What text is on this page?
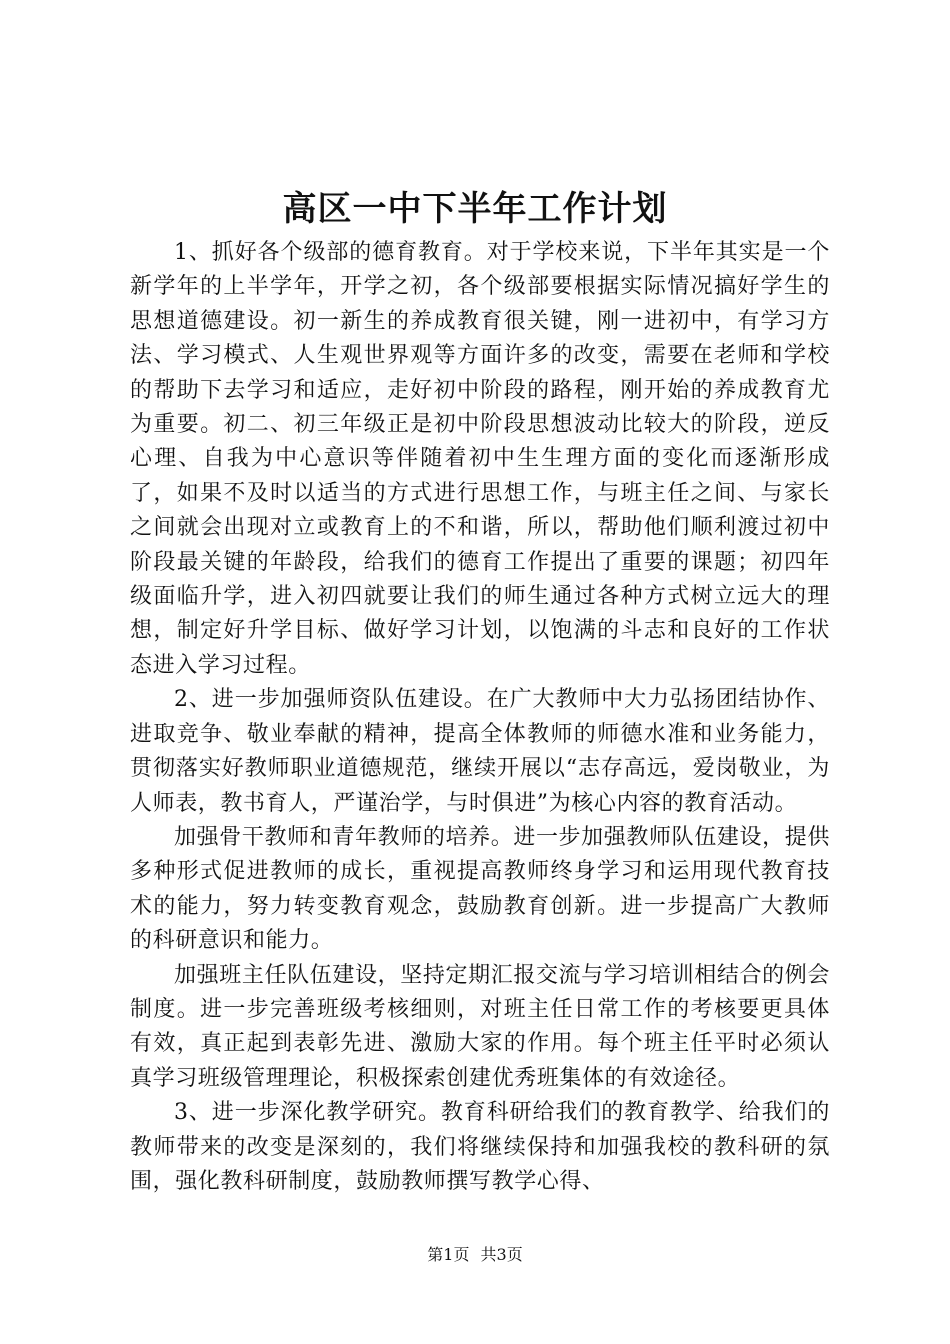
高区一中下半年工作计划

1、抓好各个级部的德育教育。对于学校来说，下半年其实是一个新学年的上半学年，开学之初，各个级部要根据实际情况搞好学生的思想道德建设。初一新生的养成教育很关键，刚一进初中，有学习方法、学习模式、人生观世界观等方面许多的改变，需要在老师和学校的帮助下去学习和适应，走好初中阶段的路程，刚开始的养成教育尤为重要。初二、初三年级正是初中阶段思想波动比较大的阶段，逆反心理、自我为中心意识等伴随着初中生生理方面的变化而逐渐形成了，如果不及时以适当的方式进行思想工作，与班主任之间、与家长之间就会出现对立或教育上的不和谐，所以，帮助他们顺利渡过初中阶段最关键的年龄段，给我们的德育工作提出了重要的课题；初四年级面临升学，进入初四就要让我们的师生通过各种方式树立远大的理想，制定好升学目标、做好学习计划，以饱满的斗志和良好的工作状态进入学习过程。

2、进一步加强师资队伍建设。在广大教师中大力弘扬团结协作、进取竞争、敬业奉献的精神，提高全体教师的师德水准和业务能力，贯彻落实好教师职业道德规范，继续开展以“志存高远，爱岗敬业，为人师表，教书育人，严谨治学，与时俱进”为核心内容的教育活动。

加强骨干教师和青年教师的培养。进一步加强教师队伍建设，提供多种形式促进教师的成长，重视提高教师终身学习和运用现代教育技术的能力，努力转变教育观念，鼓励教育创新。进一步提高广大教师的科研意识和能力。

加强班主任队伍建设，坚持定期汇报交流与学习培训相结合的例会制度。进一步完善班级考核细则，对班主任日常工作的考核要更具体有效，真正起到表彰先进、激励大家的作用。每个班主任平时必须认真学习班级管理理论，积极探索创建优秀班集体的有效途径。

3、进一步深化教学研究。教育科研给我们的教育教学、给我们的教师带来的改变是深刻的，我们将继续保持和加强我校的教科研的氛围，强化教科研制度，鼓励教师撰写教学心得、

第1页 共3页
